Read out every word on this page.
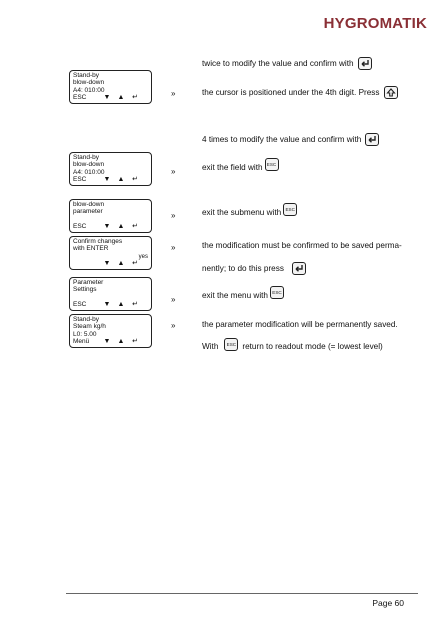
HYGROMATIK
twice to modify the value and confirm with
Stand-by
blow-down
A4: 010:00
ESC	▼	▲	↵	»	the cursor is positioned under the 4th digit. Press
4 times to modify the value and confirm with
Stand-by
blow-down
A4: 010:00
ESC	▼	▲	↵
»	exit the field with ESC
blow-down
parameter
ESC	▼	▲	↵
»	exit the submenu with ESC
Confirm changes
with ENTER
yes
▼	▲	↵
»	the modification must be confirmed to be saved perma-
nently; to do this press
Parameter
Settings
ESC	▼	▲	↵
»	exit the menu with ESC
Stand-by
Steam kg/h
L0: 5.00
Menü	▼	▲	↵
»	the parameter modification will be permanently saved.
With ESC return to readout mode (= lowest level)
Page 60
